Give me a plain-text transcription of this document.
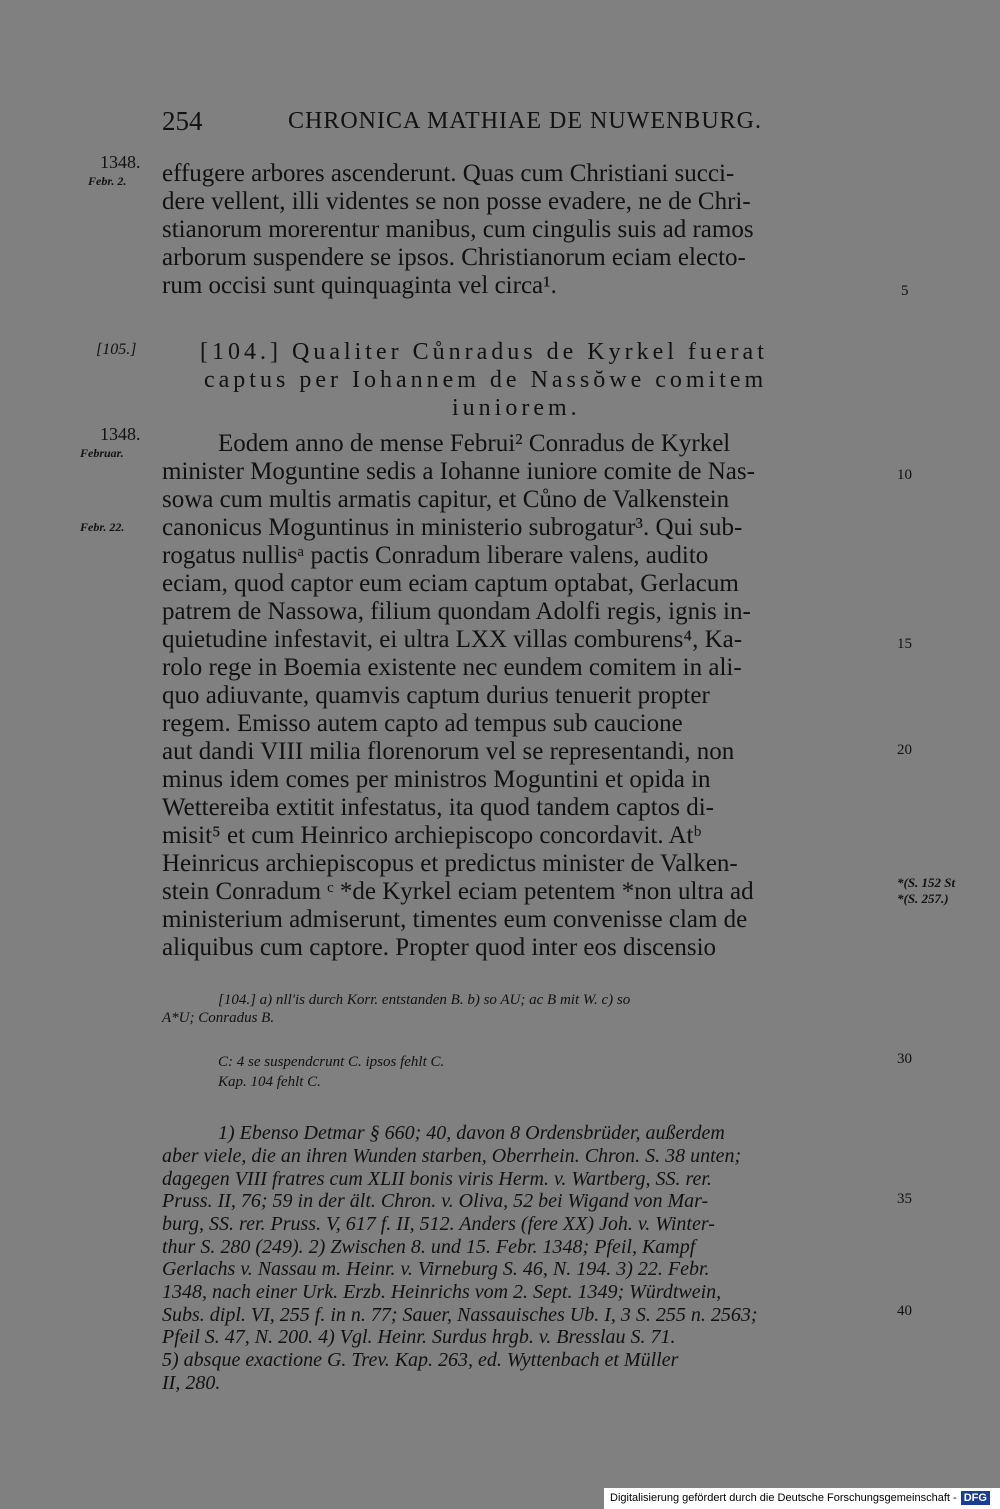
254	CHRONICA MATHIAE DE NUWENBURG.
1348.
Febr. 2.
[105.]
1348.
Februar.
Febr. 22.
5
10
15
20
*(S. 152 St
*(S. 257.)
30
35
40
effugere arbores ascenderunt. Quas cum Christiani succi-
dere vellent, illi videntes se non posse evadere, ne de Chri-
stianorum morerentur manibus, cum cingulis suis ad ramos
arborum suspendere se ipsos. Christianorum eciam electo-
rum occisi sunt quinquaginta vel circa¹.
[104.] Qualiter Cůnradus de Kyrkel fuerat
captus per Iohannem de Nassŏwe comitem
iuniorem.
Eodem anno de mense Februi² Conradus de Kyrkel
minister Moguntine sedis a Iohanne iuniore comite de Nas-
sowa cum multis armatis capitur, et Cůno de Valkenstein
canonicus Moguntinus in ministerio subrogatur³. Qui sub-
rogatus nullisᵃ pactis Conradum liberare valens, audito
eciam, quod captor eum eciam captum optabat, Gerlacum
patrem de Nassowa, filium quondam Adolfi regis, ignis in-
quietudine infestavit, ei ultra LXX villas comburens⁴, Ka-
rolo rege in Boemia existente nec eundem comitem in ali-
quo adiuvante, quamvis captum durius tenuerit propter
regem. Emisso autem capto ad tempus sub caucione
aut dandi VIII milia florenorum vel se representandi, non
minus idem comes per ministros Moguntini et opida in
Wettereiba extitit infestatus, ita quod tandem captos di-
misit⁵ et cum Heinrico archiepiscopo concordavit. Atᵇ
Heinricus archiepiscopus et predictus minister de Valken-
stein Conradum ᶜ *de Kyrkel eciam petentem *non ultra ad
ministerium admiserunt, timentes eum convenisse clam de
aliquibus cum captore. Propter quod inter eos discensio
[104.] a) nll'is durch Korr. entstanden B. b) so AU; ac B mit W. c) so
A*U; Conradus B.
C: 4 se suspendcrunt C. ipsos fehlt C.
Kap. 104 fehlt C.
1) Ebenso Detmar § 660; 40, davon 8 Ordensbrüder, außerdem
aber viele, die an ihren Wunden starben, Oberrhein. Chron. S. 38 unten;
dagegen VIII fratres cum XLII bonis viris Herm. v. Wartberg, SS. rer.
Pruss. II, 76; 59 in der ält. Chron. v. Oliva, 52 bei Wigand von Mar-
burg, SS. rer. Pruss. V, 617 f. II, 512. Anders (fere XX) Joh. v. Winter-
thur S. 280 (249). 2) Zwischen 8. und 15. Febr. 1348; Pfeil, Kampf
Gerlachs v. Nassau m. Heinr. v. Virneburg S. 46, N. 194. 3) 22. Febr.
1348, nach einer Urk. Erzb. Heinrichs vom 2. Sept. 1349; Würdtwein,
Subs. dipl. VI, 255 f. in n. 77; Sauer, Nassauisches Ub. I, 3 S. 255 n. 2563;
Pfeil S. 47, N. 200. 4) Vgl. Heinr. Surdus hrgb. v. Bresslau S. 71.
5) absque exactione G. Trev. Kap. 263, ed. Wyttenbach et Müller
II, 280.
Digitalisierung gefördert durch die Deutsche Forschungsgemeinschaft - DFG
